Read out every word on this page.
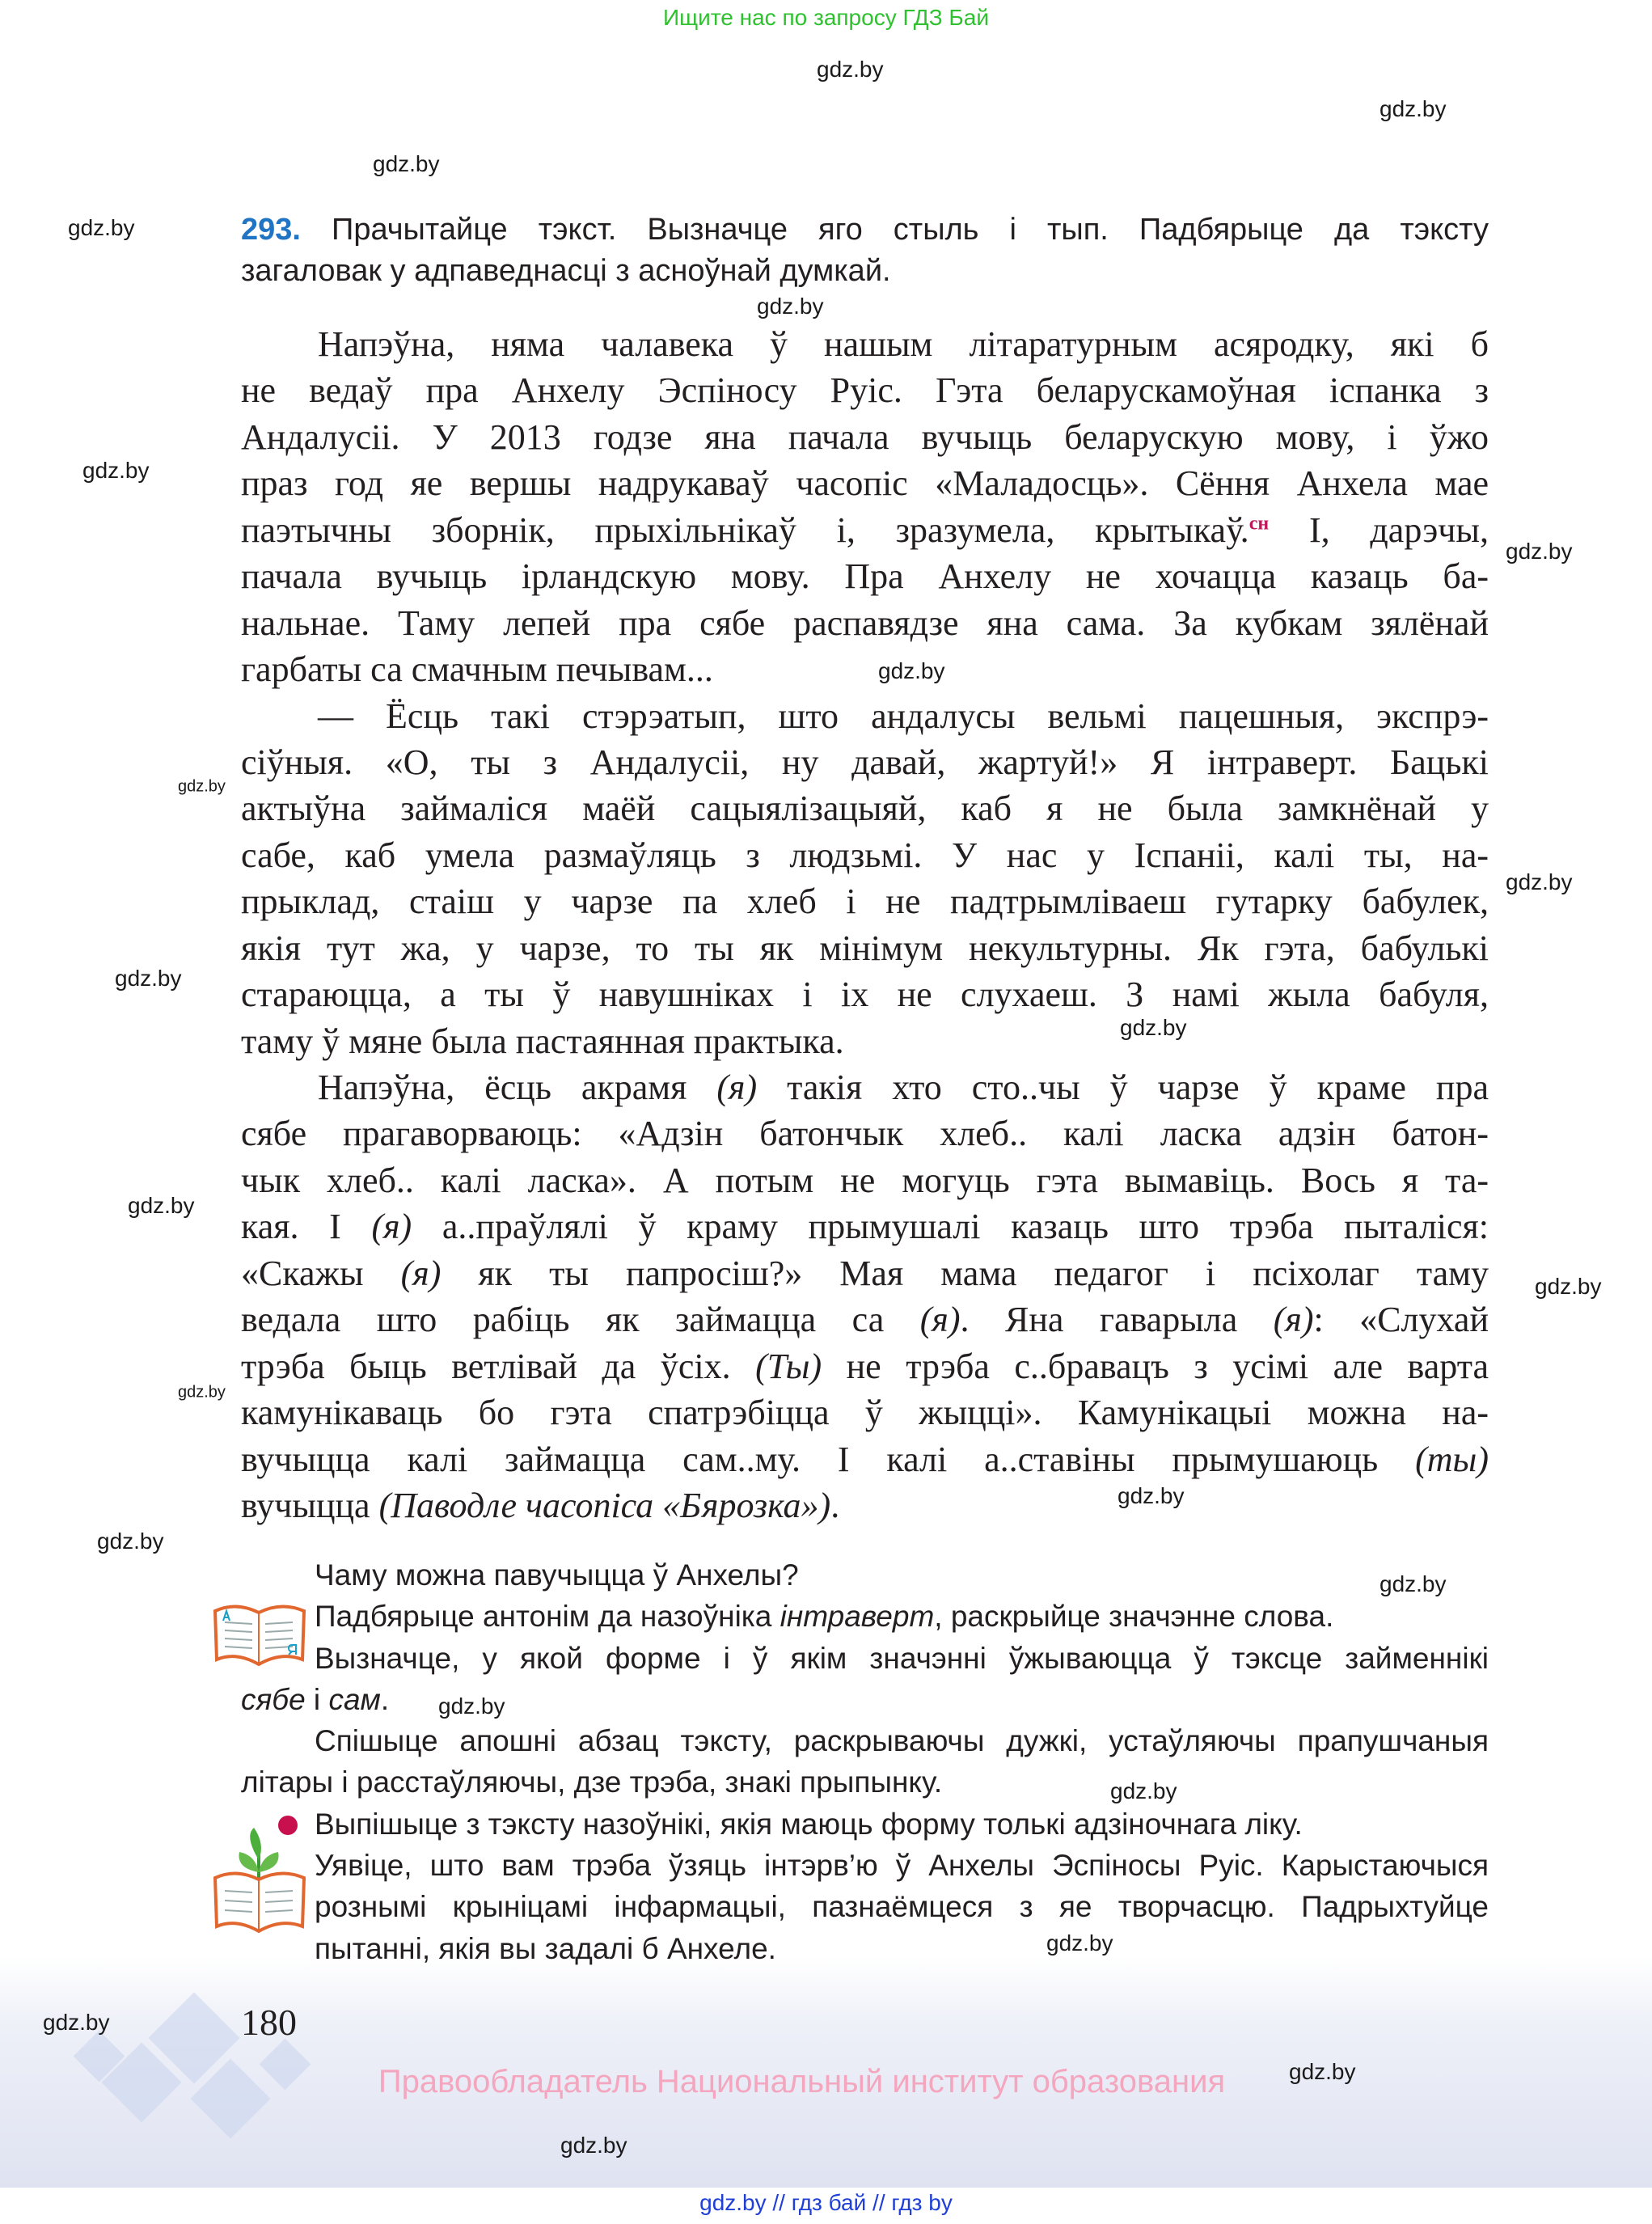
Ищите нас по запросу ГДЗ Бай
293. Прачытайце тэкст. Вызначце яго стыль і тып. Падбярыце да тэксту
загаловак у адпаведнасці з асноўнай думкай.
Напэўна, няма чалавека ў нашым літаратурным асяродку, які б
не ведаў пра Анхелу Эспіносу Руіс. Гэта беларускамоўная іспанка з
Андалусіі. У 2013 годзе яна пачала вучыць беларускую мову, і ўжо
праз год яе вершы надрукаваў часопіс «Маладосць». Сёння Анхела мае
паэтычны зборнік, прыхільнікаў і, зразумела, крытыкаў.$^{сн}$ І, дарэчы,
пачала вучыць ірландскую мову. Пра Анхелу не хочацца казаць ба-
нальнае. Таму лепей пра сябе распавядзе яна сама. За кубкам зялёнай
гарбаты са смачным печывам...
— Ёсць такі стэрэатып, што андалусы вельмі пацешныя, экспрэ-
сіўныя. «О, ты з Андалусіі, ну давай, жартуй!» Я інтраверт. Бацькі
актыўна займаліся маёй сацыялізацыяй, каб я не была замкнёнай у
сабе, каб умела размаўляць з людзьмі. У нас у Іспаніі, калі ты, на-
прыклад, стаіш у чарзе па хлеб і не падтрымліваеш гутарку бабулек,
якія тут жа, у чарзе, то ты як мінімум некультурны. Як гэта, бабулькі
стараюцца, а ты ў навушніках і іх не слухаеш. З намі жыла бабуля,
таму ў мяне была пастаянная практыка.
Напэўна, ёсць акрамя (я) такія хто сто..чы ў чарзе ў краме пра
сябе прагаворваюць: «Адзін батончык хлеб.. калі ласка адзін батон-
чык хлеб.. калі ласка». А потым не могуць гэта вымавіць. Вось я та-
кая. І (я) а..праўлялі ў краму прымушалі казаць што трэба пыталіся:
«Скажы (я) як ты папросіш?» Мая мама педагог і псіхолаг таму
ведала што рабіць як займацца са (я). Яна гаварыла (я): «Слухай
трэба быць ветлівай да ўсіх. (Ты) не трэба с..бравацъ з усімі але варта
камунікаваць бо гэта спатрэбіцца ў жыцці». Камунікацыі можна на-
вучыцца калі займацца сам..му. І калі а..ставіны прымушаюць (ты)
вучыцца (Паводле часопіса «Бярозка»).
Чаму можна павучыцца ў Анхелы?
Падбярыце антонім да назоўніка інтраверт, раскрыйце значэнне слова.
Вызначце, у якой форме і ў якім значэнні ўжываюцца ў тэксце займеннікі
сябе і сам.
Спішыце апошні абзац тэксту, раскрываючы дужкі, устаўляючы прапушчаныя
літары і расстаўляючы, дзе трэба, знакі прыпынку.
Выпішыце з тэксту назоўнікі, якія маюць форму толькі адзіночнага ліку.
Уявіце, што вам трэба ўзяць інтэрв’ю ў Анхелы Эспіносы Руіс. Карыстаючыся
рознымі крыніцамі інфармацыі, пазнаёмцеся з яе творчасцю. Падрыхтуйце
пытанні, якія вы задалі б Анхеле.
180
Правообладатель Национальный институт образования
gdz.by // гдз бай // гдз by
gdz.by
gdz.by
gdz.by
gdz.by
gdz.by
gdz.by
gdz.by
gdz.by
gdz.by
gdz.by
gdz.by
gdz.by
gdz.by
gdz.by
gdz.by
gdz.by
gdz.by
gdz.by
gdz.by
gdz.by
gdz.by
gdz.by
gdz.by
gdz.by
